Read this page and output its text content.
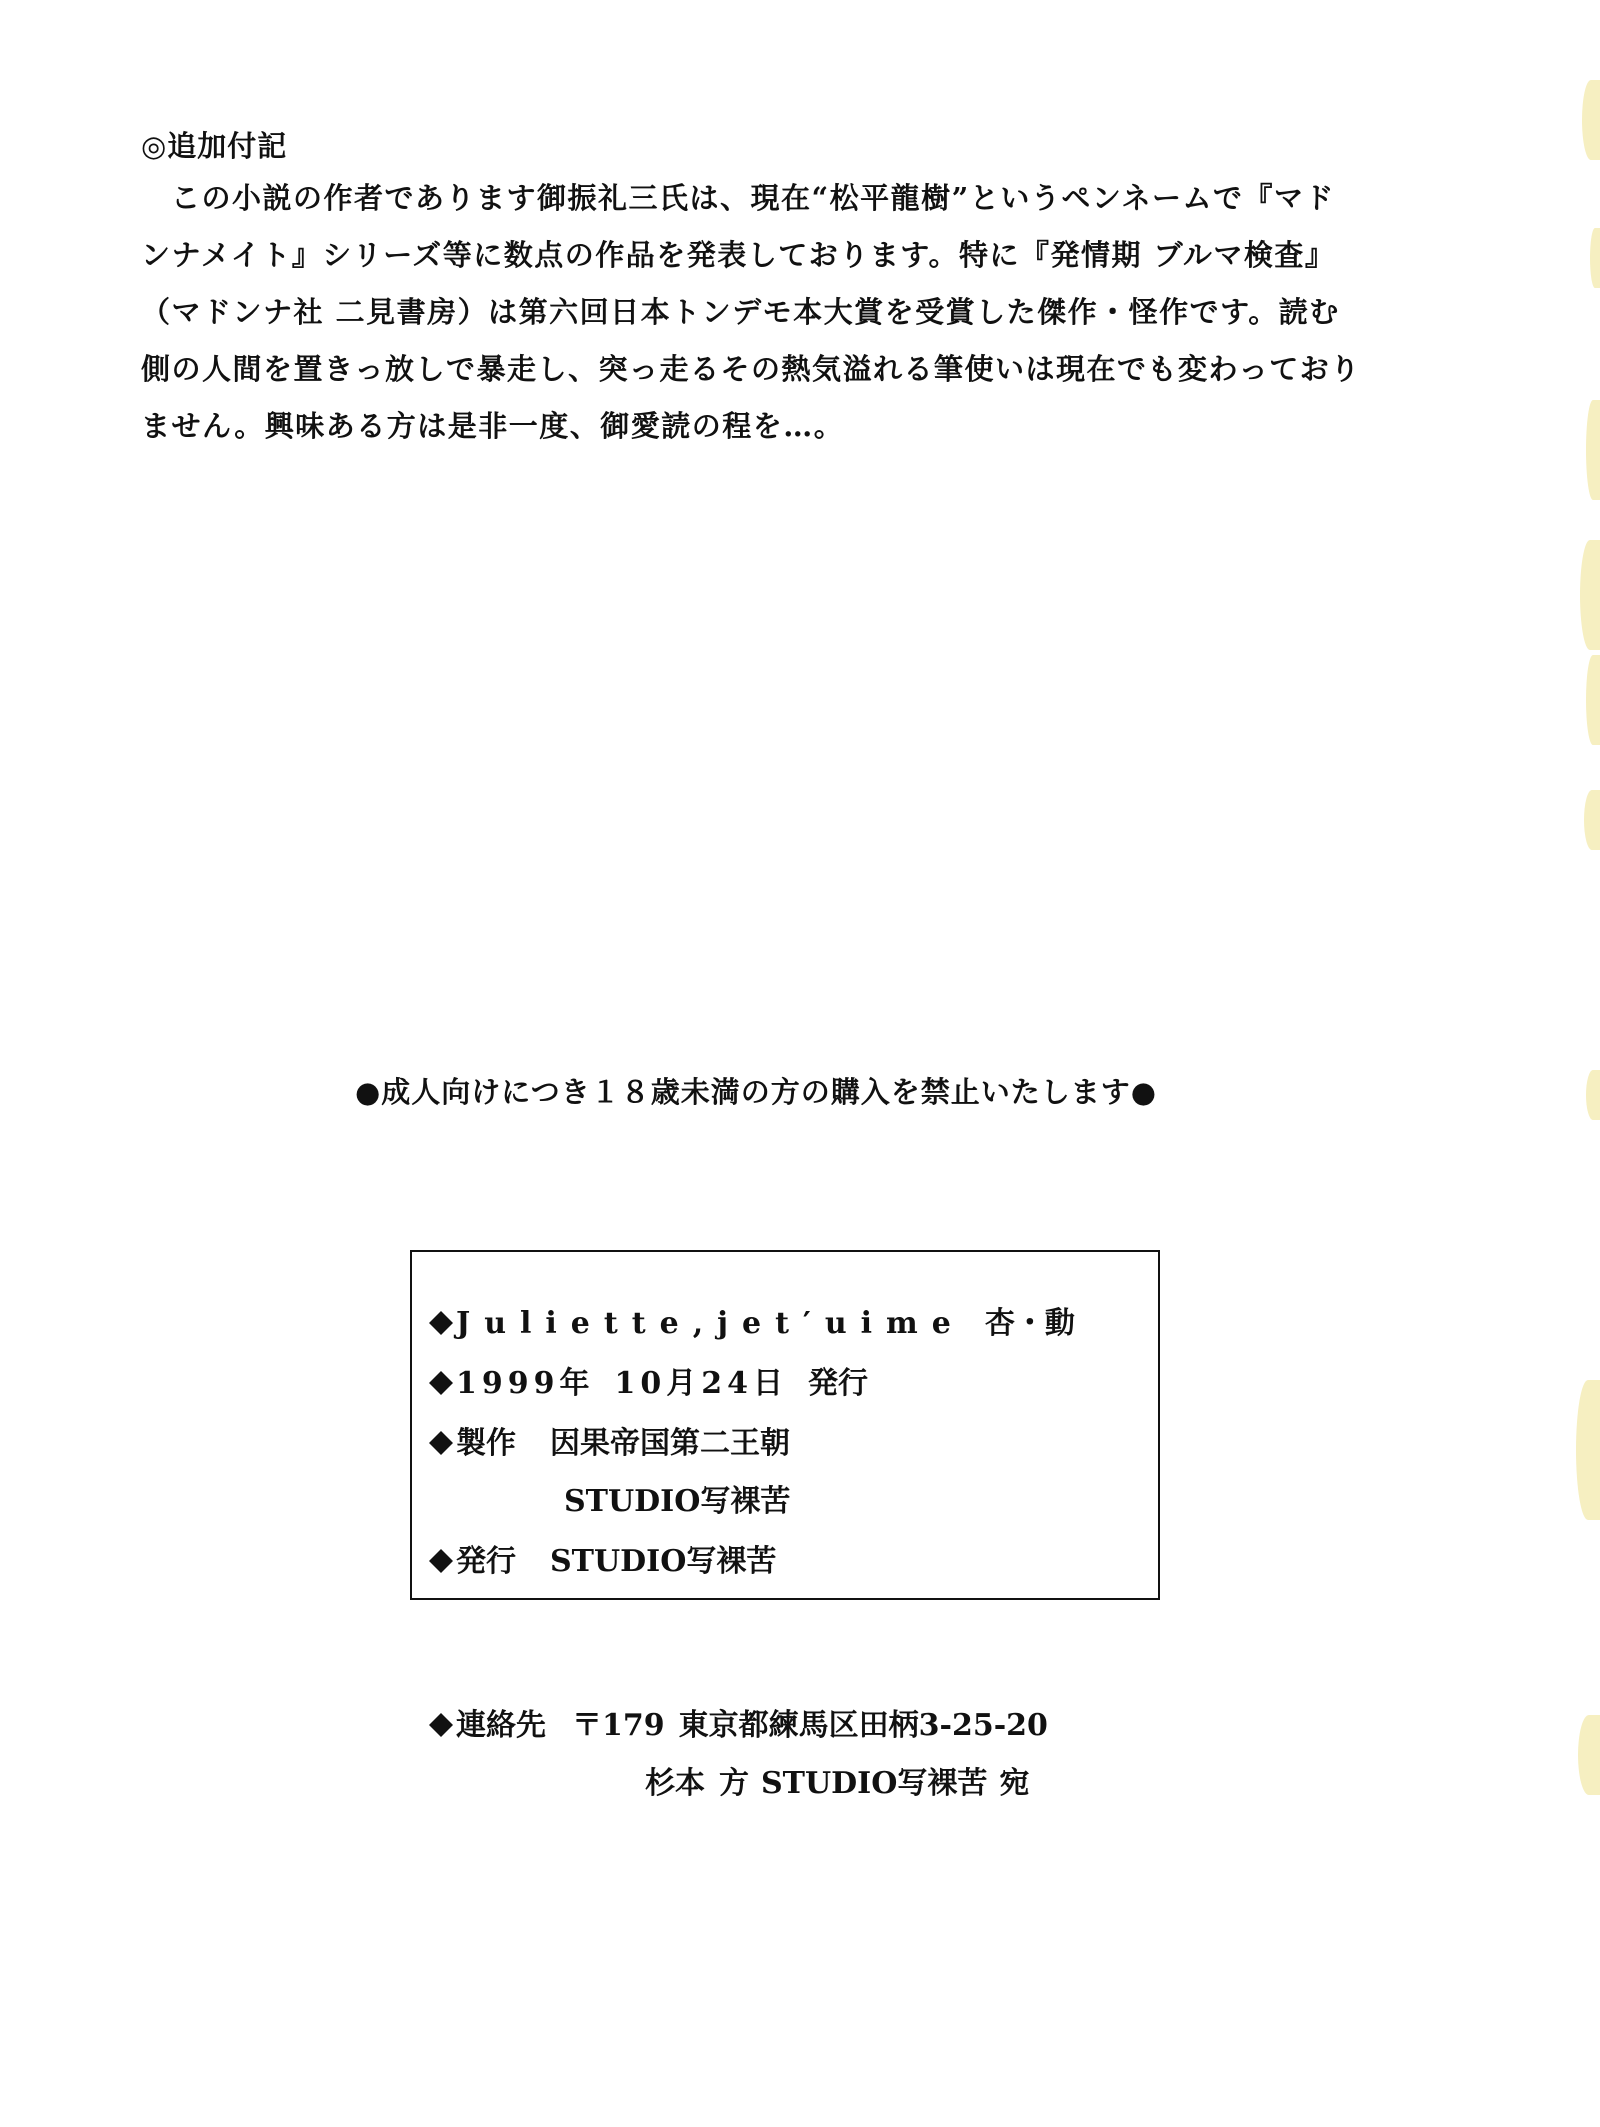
◎追加付記

この小説の作者であります御振礼三氏は、現在“松平龍樹”というペンネームで『マド

ンナメイト』シリーズ等に数点の作品を発表しております。特に『発情期 ブルマ検査』

（マドンナ社 二見書房）は第六回日本トンデモ本大賞を受賞した傑作・怪作です。読む

側の人間を置きっ放しで暴走し、突っ走るその熱気溢れる筆使いは現在でも変わっており

ません。興味ある方は是非一度、御愛読の程を…。

●成人向けにつき１８歳未満の方の購入を禁止いたします●
Juliette,jet′uime 杏・動
1999年 10月24日 発行
製作 因果帝国第二王朝
STUDIO写裸苦
発行 STUDIO写裸苦
連絡先 〒179 東京都練馬区田柄3-25-20
杉本 方 STUDIO写裸苦 宛
